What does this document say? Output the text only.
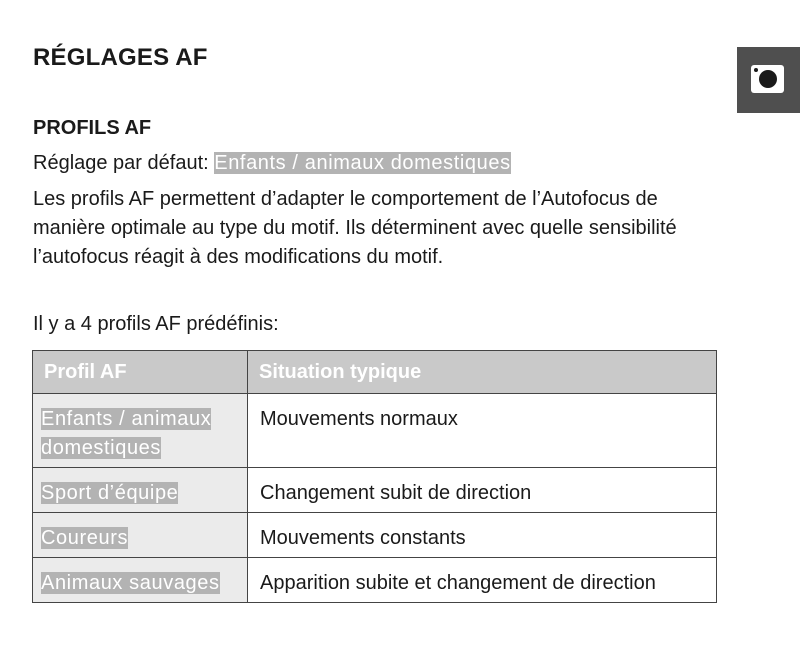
RÉGLAGES AF
PROFILS AF
Réglage par défaut: Enfants / animaux domestiques
Les profils AF permettent d’adapter le comportement de l’Autofocus de manière optimale au type du motif. Ils déterminent avec quelle sensibilité l’autofocus réagit à des modifications du motif.
Il y a 4 profils AF prédéfinis:
Profil AF	Situation typique
Enfants / animaux domestiques	Mouvements normaux
Sport d’équipe	Changement subit de direction
Coureurs	Mouvements constants
Animaux sauvages	Apparition subite et changement de direction
